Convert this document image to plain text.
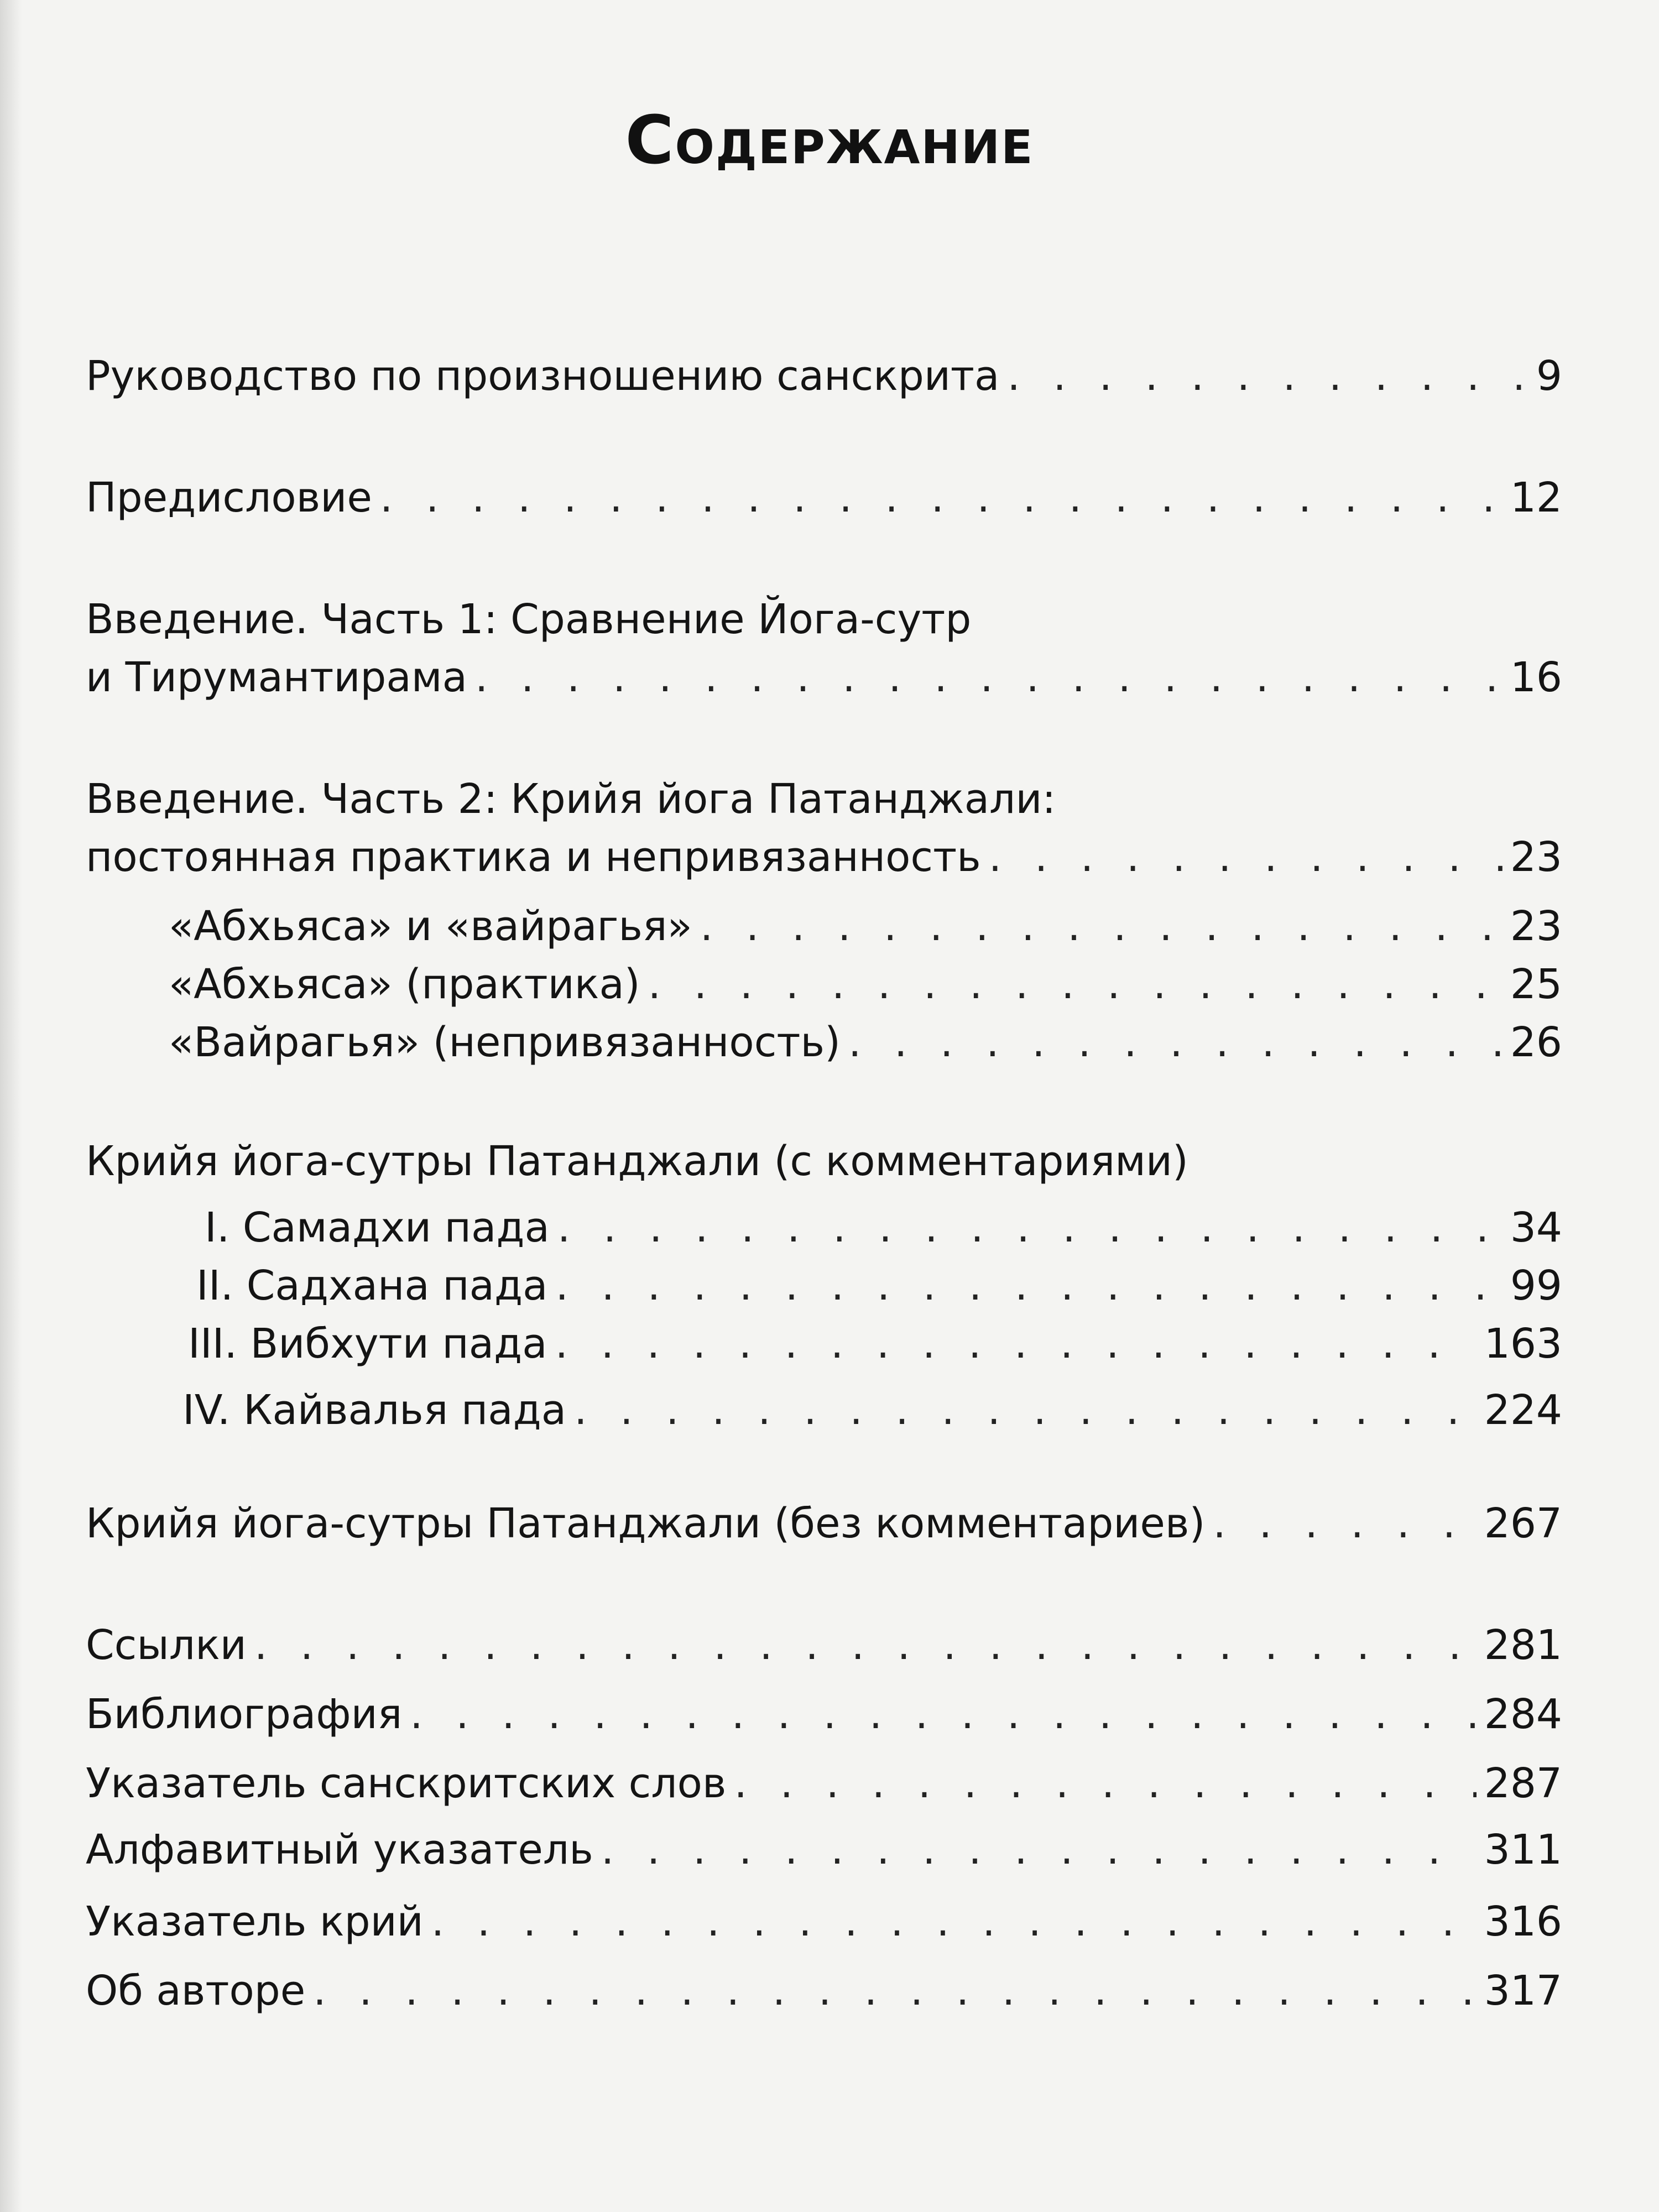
Содержание
Руководство по произношению санскрита . . .	9
Предисловие . . .	12
Введение. Часть 1: Сравнение Йога-сутр
и Тирумантирама . . .	16
Введение. Часть 2: Крийя йога Патанджали:
постоянная практика и непривязанность . . .	23
«Абхьяса» и «вайрагья» . . .	23
«Абхьяса» (практика) . . .	25
«Вайрагья» (непривязанность) . . .	26
Крийя йога-сутры Патанджали (с комментариями)
I. Самадхи пада . . .	34
II. Садхана пада . . .	99
III. Вибхути пада . . .	163
IV. Кайвалья пада . . .	224
Крийя йога-сутры Патанджали (без комментариев) . . .	267
Ссылки . . .	281
Библиография . . .	284
Указатель санскритских слов . . .	287
Алфавитный указатель . . .	311
Указатель крий . . .	316
Об авторе . . .	317
